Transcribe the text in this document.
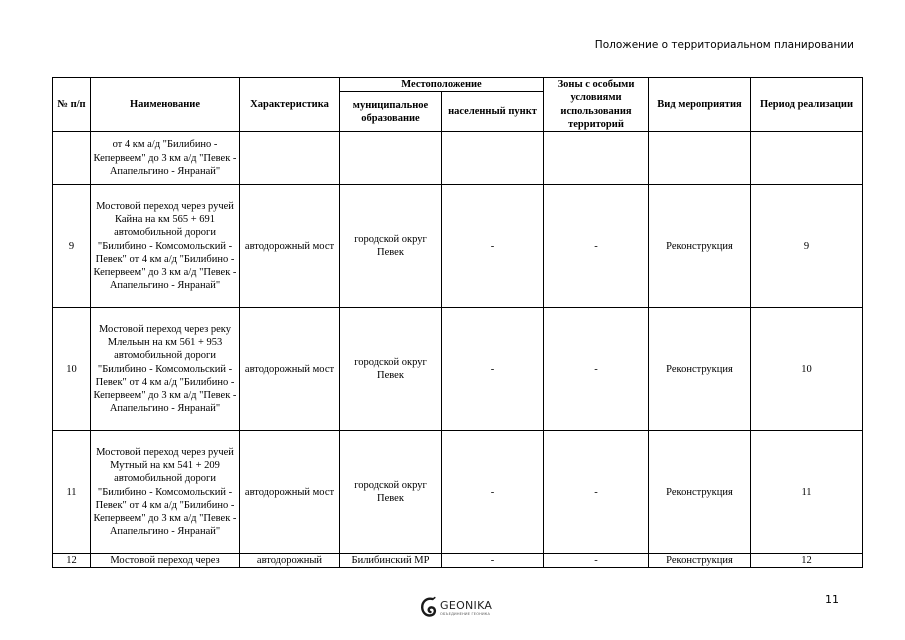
Положение о территориальном планировании
№ п/п	Наименование	Характеристика	Местоположение		Зоны с особыми условиями использования территорий	Вид мероприятия	Период реализации
			муниципальное образование	населенный пункт			
	от 4 км а/д "Билибино - Кепервеем" до 3 км а/д "Певек - Апапельгино - Янранай"						
9	Мостовой переход через ручей Кайна на км 565 + 691 автомобильной дороги "Билибино - Комсомольский - Певек" от 4 км а/д "Билибино - Кепервеем" до 3 км а/д "Певек - Апапельгино - Янранай"	автодорожный мост	городской округ Певек	-	-	Реконструкция	9
10	Мостовой переход через реку Млельын на км 561 + 953 автомобильной дороги "Билибино - Комсомольский - Певек" от 4 км а/д "Билибино - Кепервеем" до 3 км а/д "Певек - Апапельгино - Янранай"	автодорожный мост	городской округ Певек	-	-	Реконструкция	10
11	Мостовой переход через ручей Мутный на км 541 + 209 автомобильной дороги "Билибино - Комсомольский - Певек" от 4 км а/д "Билибино - Кепервеем" до 3 км а/д "Певек - Апапельгино - Янранай"	автодорожный мост	городской округ Певек	-	-	Реконструкция	11
12	Мостовой переход через	автодорожный	Билибинский МР	-	-	Реконструкция	12
GEONIKA
ОБЪЕДИНЕНИЕ ГЕОНИКА
11
